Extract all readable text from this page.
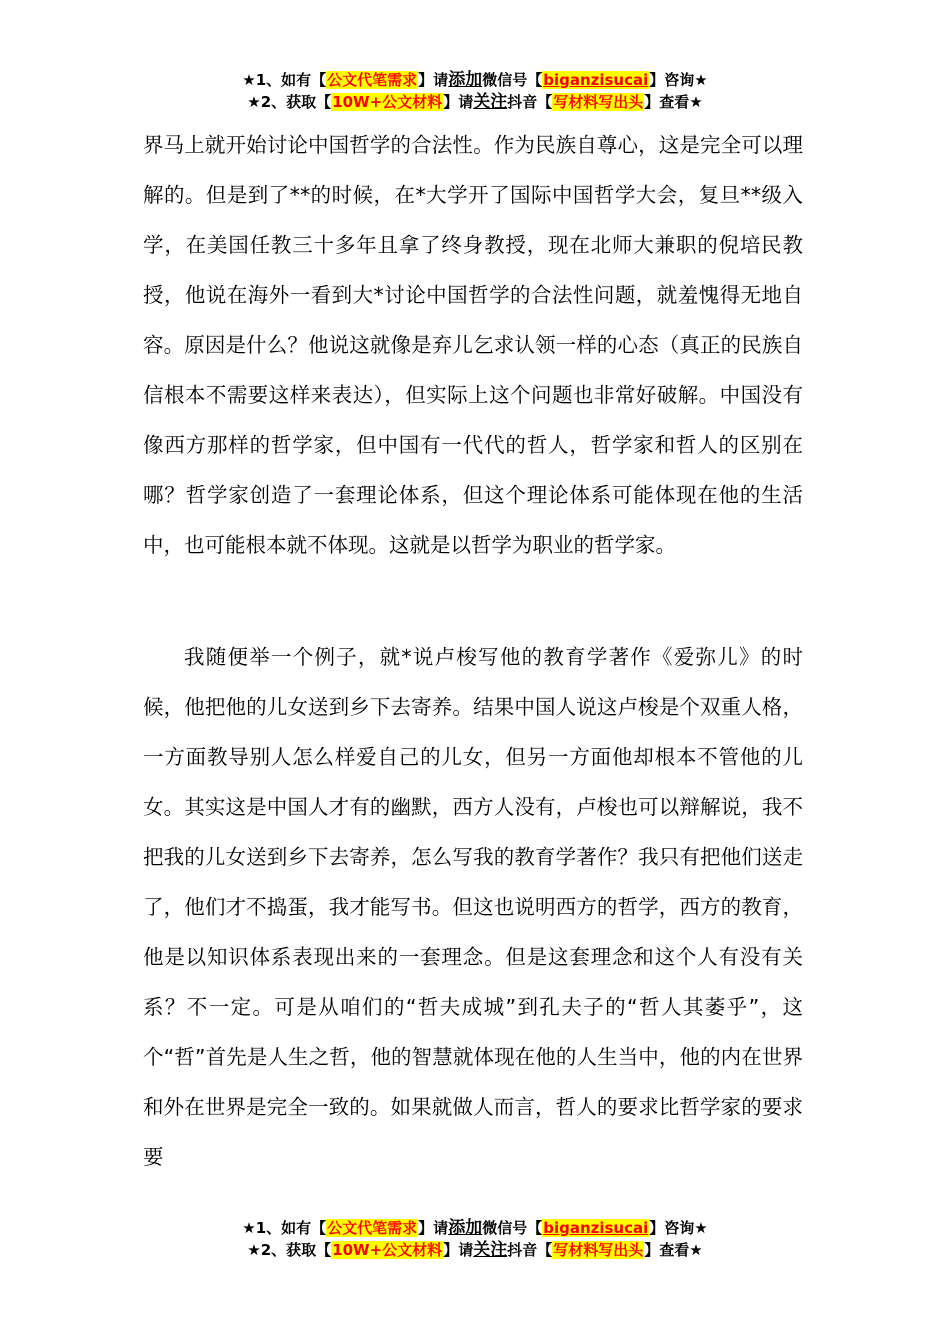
★1、如有【公文代笔需求】请添加微信号【biganzisucai】咨询★
★2、获取【10W+公文材料】请关注抖音【写材料写出头】查看★
界马上就开始讨论中国哲学的合法性。作为民族自尊心，这是完全可以理解的。但是到了**的时候，在*大学开了国际中国哲学大会，复旦**级入学，在美国任教三十多年且拿了终身教授，现在北师大兼职的倪培民教授，他说在海外一看到大*讨论中国哲学的合法性问题，就羞愧得无地自容。原因是什么？他说这就像是弃儿乞求认领一样的心态（真正的民族自信根本不需要这样来表达），但实际上这个问题也非常好破解。中国没有像西方那样的哲学家，但中国有一代代的哲人，哲学家和哲人的区别在哪？哲学家创造了一套理论体系，但这个理论体系可能体现在他的生活中，也可能根本就不体现。这就是以哲学为职业的哲学家。
我随便举一个例子，就*说卢梭写他的教育学著作《爱弥儿》的时候，他把他的儿女送到乡下去寄养。结果中国人说这卢梭是个双重人格，一方面教导别人怎么样爱自己的儿女，但另一方面他却根本不管他的儿女。其实这是中国人才有的幽默，西方人没有，卢梭也可以辩解说，我不把我的儿女送到乡下去寄养，怎么写我的教育学著作？我只有把他们送走了，他们才不捣蛋，我才能写书。但这也说明西方的哲学，西方的教育，他是以知识体系表现出来的一套理念。但是这套理念和这个人有没有关系？不一定。可是从咱们的“哲夫成城”到孔夫子的“哲人其萎乎”，这个“哲”首先是人生之哲，他的智慧就体现在他的人生当中，他的内在世界和外在世界是完全一致的。如果就做人而言，哲人的要求比哲学家的要求要
★1、如有【公文代笔需求】请添加微信号【biganzisucai】咨询★
★2、获取【10W+公文材料】请关注抖音【写材料写出头】查看★
